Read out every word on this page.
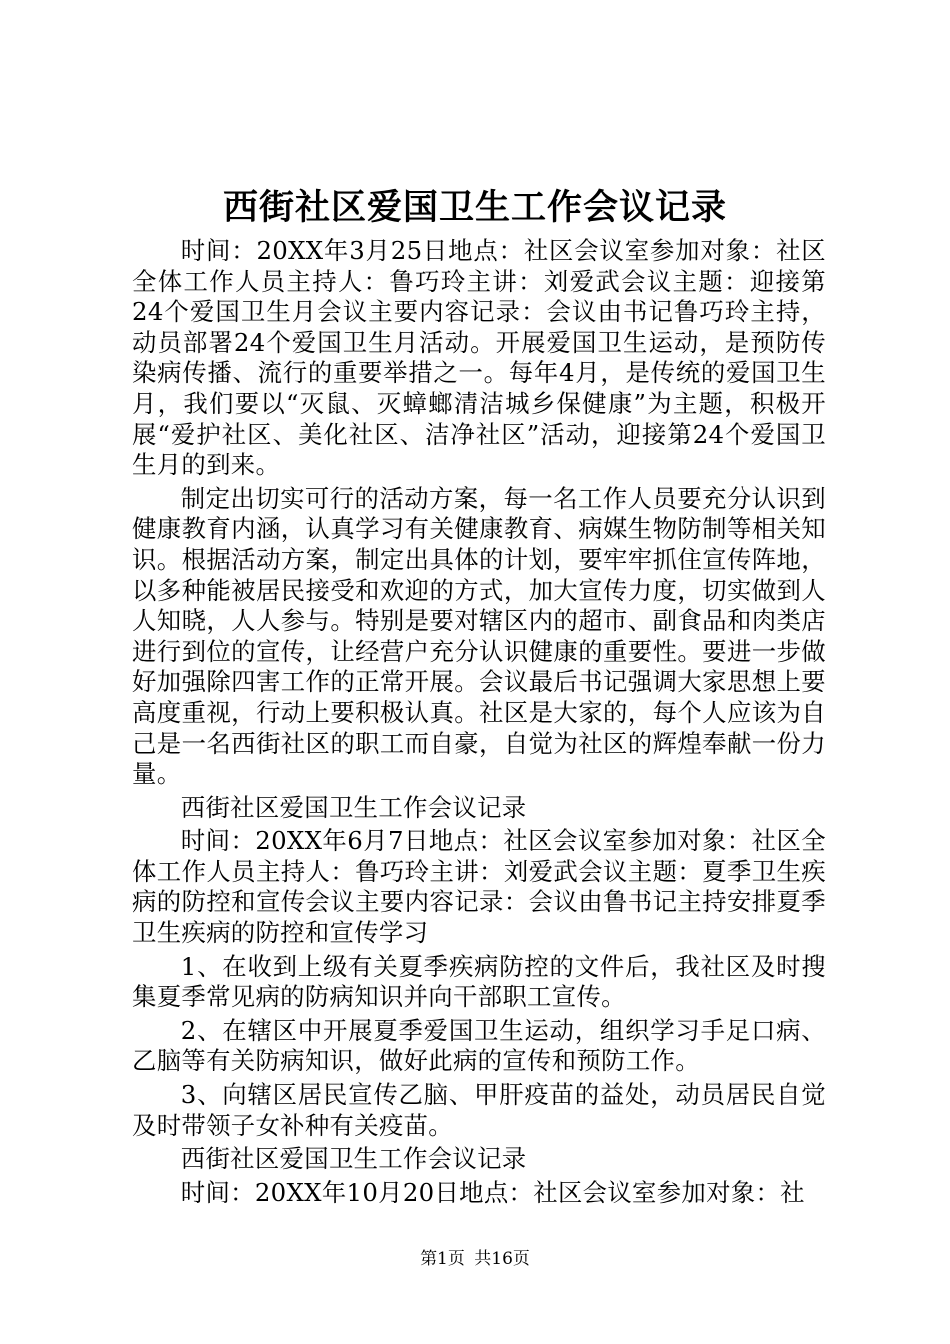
西街社区爱国卫生工作会议记录

时间：20XX年3月25日地点：社区会议室参加对象：社区全体工作人员主持人：鲁巧玲主讲：刘爱武会议主题：迎接第24个爱国卫生月会议主要内容记录：会议由书记鲁巧玲主持，动员部署24个爱国卫生月活动。开展爱国卫生运动，是预防传染病传播、流行的重要举措之一。每年4月，是传统的爱国卫生月，我们要以“灭鼠、灭蟑螂清洁城乡保健康”为主题，积极开展“爱护社区、美化社区、洁净社区”活动，迎接第24个爱国卫生月的到来。

制定出切实可行的活动方案，每一名工作人员要充分认识到健康教育内涵，认真学习有关健康教育、病媒生物防制等相关知识。根据活动方案，制定出具体的计划，要牢牢抓住宣传阵地，以多种能被居民接受和欢迎的方式，加大宣传力度，切实做到人人知晓，人人参与。特别是要对辖区内的超市、副食品和肉类店进行到位的宣传，让经营户充分认识健康的重要性。要进一步做好加强除四害工作的正常开展。会议最后书记强调大家思想上要高度重视，行动上要积极认真。社区是大家的，每个人应该为自己是一名西街社区的职工而自豪，自觉为社区的辉煌奉献一份力量。

西街社区爱国卫生工作会议记录

时间：20XX年6月7日地点：社区会议室参加对象：社区全体工作人员主持人：鲁巧玲主讲：刘爱武会议主题：夏季卫生疾病的防控和宣传会议主要内容记录：会议由鲁书记主持安排夏季卫生疾病的防控和宣传学习

1、在收到上级有关夏季疾病防控的文件后，我社区及时搜集夏季常见病的防病知识并向干部职工宣传。

2、在辖区中开展夏季爱国卫生运动，组织学习手足口病、乙脑等有关防病知识，做好此病的宣传和预防工作。

3、向辖区居民宣传乙脑、甲肝疫苗的益处，动员居民自觉及时带领子女补种有关疫苗。

西街社区爱国卫生工作会议记录

时间：20XX年10月20日地点：社区会议室参加对象：社

第1页 共16页
